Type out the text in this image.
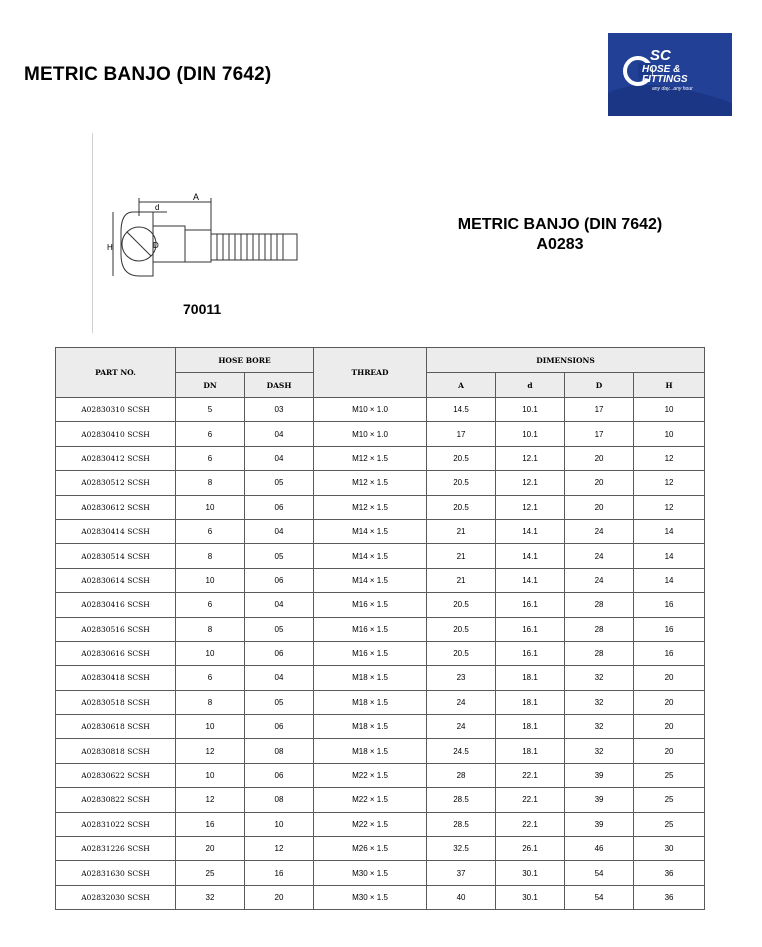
METRIC BANJO (DIN 7642)
SC
HOSE &
FITTINGS
any day...any hour
A
d
D
H
70011
METRIC BANJO (DIN 7642)
A0283
PART NO.	HOSE BORE		THREAD	DIMENSIONS			
	DN	DASH		A	d	D	H
A02830310 SCSH	5	03	M10 × 1.0	14.5	10.1	17	10
A02830410 SCSH	6	04	M10 × 1.0	17	10.1	17	10
A02830412 SCSH	6	04	M12 × 1.5	20.5	12.1	20	12
A02830512 SCSH	8	05	M12 × 1.5	20.5	12.1	20	12
A02830612 SCSH	10	06	M12 × 1.5	20.5	12.1	20	12
A02830414 SCSH	6	04	M14 × 1.5	21	14.1	24	14
A02830514 SCSH	8	05	M14 × 1.5	21	14.1	24	14
A02830614 SCSH	10	06	M14 × 1.5	21	14.1	24	14
A02830416 SCSH	6	04	M16 × 1.5	20.5	16.1	28	16
A02830516 SCSH	8	05	M16 × 1.5	20.5	16.1	28	16
A02830616 SCSH	10	06	M16 × 1.5	20.5	16.1	28	16
A02830418 SCSH	6	04	M18 × 1.5	23	18.1	32	20
A02830518 SCSH	8	05	M18 × 1.5	24	18.1	32	20
A02830618 SCSH	10	06	M18 × 1.5	24	18.1	32	20
A02830818 SCSH	12	08	M18 × 1.5	24.5	18.1	32	20
A02830622 SCSH	10	06	M22 × 1.5	28	22.1	39	25
A02830822 SCSH	12	08	M22 × 1.5	28.5	22.1	39	25
A02831022 SCSH	16	10	M22 × 1.5	28.5	22.1	39	25
A02831226 SCSH	20	12	M26 × 1.5	32.5	26.1	46	30
A02831630 SCSH	25	16	M30 × 1.5	37	30.1	54	36
A02832030 SCSH	32	20	M30 × 1.5	40	30.1	54	36
